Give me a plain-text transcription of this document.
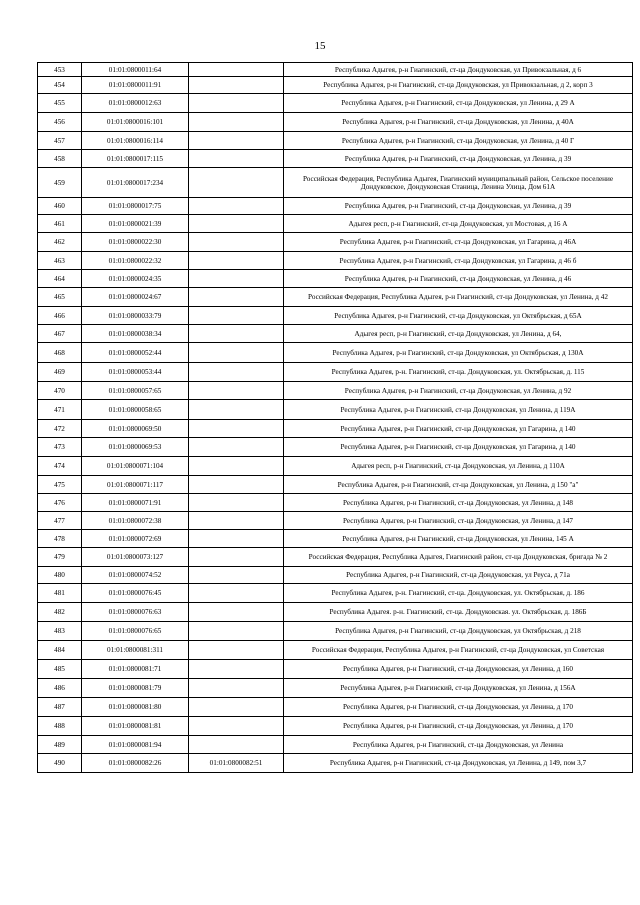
15
453	01:01:0800011:64		Республика Адыгея, р-н Гиагинский, ст-ца Дондуковская, ул Привокзальная, д 6
454	01:01:0800011:91		Республика Адыгея, р-н Гиагинский, ст-ца Дондуковская, ул Привокзальная, д 2, корп 3
455	01:01:0800012:63		Республика Адыгея, р-н Гиагинский, ст-ца Дондуковская, ул Ленина, д 29 А
456	01:01:0800016:101		Республика Адыгея, р-н Гиагинский, ст-ца Дондуковская, ул Ленина, д 40А
457	01:01:0800016:114		Республика Адыгея, р-н Гиагинский, ст-ца Дондуковская, ул Ленина, д 40 Г
458	01:01:0800017:115		Республика Адыгея, р-н Гиагинский, ст-ца Дондуковская, ул Ленина, д 39
459	01:01:0800017:234		Российская Федерация, Республика Адыгея, Гиагинский муниципальный район, Сельское поселение Дондуковское, Дондуковская Станица, Ленина Улица, Дом 61А
460	01:01:0800017:75		Республика Адыгея, р-н Гиагинский, ст-ца Дондуковская, ул Ленина, д 39
461	01:01:0800021:39		Адыгея респ, р-н Гиагинский, ст-ца Дондуковская, ул Мостовая, д 16 А
462	01:01:0800022:30		Республика Адыгея, р-н Гиагинский, ст-ца Дондуковская, ул Гагарина, д 46А
463	01:01:0800022:32		Республика Адыгея, р-н Гиагинский, ст-ца Дондуковская, ул Гагарина, д 46 б
464	01:01:0800024:35		Республика Адыгея, р-н Гиагинский, ст-ца Дондуковская, ул Ленина, д 46
465	01:01:0800024:67		Российская Федерация, Республика Адыгея, р-н Гиагинский, ст-ца Дондуковская, ул Ленина, д 42
466	01:01:0800033:79		Республика Адыгея, р-н Гиагинский, ст-ца Дондуковская, ул Октябрьская, д 65А
467	01:01:0800038:34		Адыгея респ, р-н Гиагинский, ст-ца Дондуковская, ул Ленина, д 64,
468	01:01:0800052:44		Республика Адыгея, р-н Гиагинский, ст-ца Дондуковская, ул Октябрьская, д 130А
469	01:01:0800053:44		Республика Адыгея, р-н. Гиагинский, ст-ца. Дондуковская, ул. Октябрьская, д. 115
470	01:01:0800057:65		Республика Адыгея, р-н Гиагинский, ст-ца Дондуковская, ул Ленина, д 92
471	01:01:0800058:65		Республика Адыгея, р-н Гиагинский, ст-ца Дондуковская, ул Ленина, д 119А
472	01:01:0800069:50		Республика Адыгея, р-н Гиагинский, ст-ца Дондуковская, ул Гагарина, д 140
473	01:01:0800069:53		Республика Адыгея, р-н Гиагинский, ст-ца Дондуковская, ул Гагарина, д 140
474	01:01:0800071:104		Адыгея респ, р-н Гиагинский, ст-ца Дондуковская, ул Ленина, д 110А
475	01:01:0800071:117		Республика Адыгея, р-н Гиагинский, ст-ца Дондуковская, ул Ленина, д 150 "а"
476	01:01:0800071:91		Республика Адыгея, р-н Гиагинский, ст-ца Дондуковская, ул Ленина, д 148
477	01:01:0800072:38		Республика Адыгея, р-н Гиагинский, ст-ца Дондуковская, ул Ленина, д 147
478	01:01:0800072:69		Республика Адыгея, р-н Гиагинский, ст-ца Дондуковская, ул Ленина, 145 А
479	01:01:0800073:127		Российская Федерация, Республика Адыгея, Гиагинский район, ст-ца Дондуковская, бригада № 2
480	01:01:0800074:52		Республика Адыгея, р-н Гиагинский, ст-ца Дондуковская, ул Реуса, д 71а
481	01:01:0800076:45		Республика Адыгея, р-н. Гиагинский, ст-ца. Дондуковская, ул. Октябрьская, д. 186
482	01:01:0800076:63		Республика Адыгея. р-н. Гиагинский, ст-ца. Дондуковская. ул. Октябрьская, д. 186Б
483	01:01:0800076:65		Республика Адыгея, р-н Гиагинский, ст-ца Дондуковская, ул Октябрьская, д 218
484	01:01:0800081:311		Российская Федерация, Республика Адыгея, р-н Гиагинский, ст-ца Дондуковская, ул Советская
485	01:01:0800081:71		Республика Адыгея, р-н Гиагинский, ст-ца Дондуковская, ул Ленина, д 160
486	01:01:0800081:79		Республика Адыгея, р-н Гиагинский, ст-ца Дондуковская, ул Ленина, д 156А
487	01:01:0800081:80		Республика Адыгея, р-н Гиагинский, ст-ца Дондуковская, ул Ленина, д 170
488	01:01:0800081:81		Республика Адыгея, р-н Гиагинский, ст-ца Дондуковская, ул Ленина, д 170
489	01:01:0800081:94		Республика Адыгея, р-н Гиагинский, ст-ца Дондуковская, ул Ленина
490	01:01:0800082:26	01:01:0800082:51	Республика Адыгея, р-н Гиагинский, ст-ца Дондуковская, ул Ленина, д 149, пом 3,7
